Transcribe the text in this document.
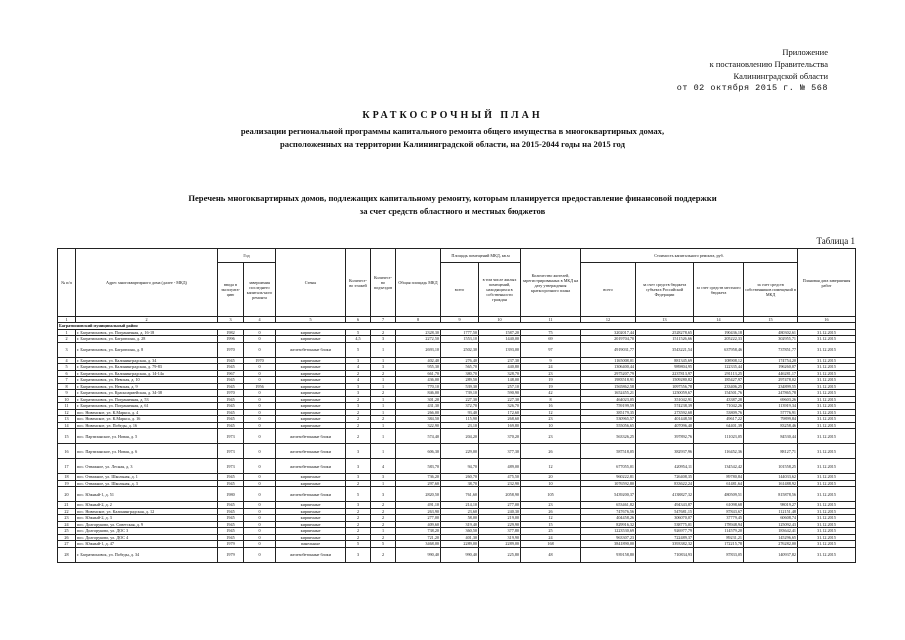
Приложение
к постановлению Правительства
Калининградской области
от 02 октября 2015 г. № 568
КРАТКОСРОЧНЫЙ ПЛАН
реализации региональной программы капитального ремонта общего имущества в многоквартирных домах,
расположенных на территории Калининградской области, на 2015-2044 годы на 2015 год
Перечень многоквартирных домов, подлежащих капитальному ремонту, которым планируется предоставление финансовой поддержки
за счет средств областного и местных бюджетов
Таблица 1
№ п/п	Адрес многоквартирного дома (далее - МКД)	Год		Стены	Количест-во этажей	Количест-во подъездов	Общая площадь МКД	Площадь помещений МКД, кв.м		Количество жителей, зарегистрированных в МКД на дату утверждения краткосрочного плана	Стоимость капитального ремонта, руб.				Плановая дата завершения работ
		ввода в эксплуата-цию	завершения последнего капиталь-ного ремонта					всего	в том числе жилых помещений, находящихся в собственности граждан		всего	за счет средств бюджета субъекта Российской Федерации	за счет средств местного бюджета	за счет средств собственников помещений в МКД	

1	2	3	4	5	6	7	8	9	10	11	12	13	14	15	16
Багратионовский муниципальный район															
1	г. Багратионовск, ул. Пограничная, д. 16-18	1982	0	кирпичные	5	2	2328,30	1777,50	1587,20	75	3202017,44	2528278,65	190436,18	480302,61	31.12.2015
2	г. Багратионовск, ул. Багратиона, д. 28	1996	0	кирпичные	4,5	3	2272,50	1553,10	1440,00	69	2019704,70	1511526,66	205222,33	302955,71	31.12.2015
3	г. Багратионовск, ул. Багратиона, д. 8	1970	0	железобетонные блоки	5	1	2693,10	2502,30	1393,00	97	4919031,77	3543221,54	637958,46	737851,77	31.12.2015
4	г. Багратионовск, ул. Калининградская, д. 34	1945	1970	кирпичные	3	1	402,40	276,40	237,30	9	1165008,01	881345,69	108908,12	174754,20	31.12.2015
5	г. Багратионовск, ул. Калининградская, д. 79-83	1945	0	кирпичные	4	3	955,30	565,70	440,80	24	1306400,44	989804,95	122335,44	196260,07	31.12.2015
6	г. Багратионовск, ул. Калининградская, д. 14-14а	1967	0	кирпичные	2	2	661,70	380,70	328,70	23	2975207,79	2237813,97	291113,25	446281,17	31.12.2015
7	г. Багратионовск, ул. Невская, д. 10	1945	0	кирпичные	4	1	436,00	289,50	148,00	19	1983518,91	1509280,82	185427,97	297478,02	31.12.2015
8	г. Багратионовск, ул. Невская, д. 9	1945	1956	кирпичные	3	1	770,10	539,30	257,10	19	1565862,58	1097556,78	233406,25	234899,55	31.12.2015
9	г. Багратионовск, ул. Красноармейская, д. 34-38	1970	0	кирпичные	3	2	846,00	739,10	590,90	42	1652455,21	1250059,67	154501,76	247865,78	31.12.2015
10	г. Багратионовск, ул. Пограничная, д. 53	1945	0	кирпичные	2	1	301,20	227,30	227,30	8	464023,05	351042,91	43387,28	69603,26	31.12.2015
11	г. Багратионовск, ул. Пограничная, д. 61	1945	0	кирпичные	3	1	431,30	372,70	326,70	16	759199,59	574238,39	71042,26	113919,34	31.12.2015
12	пос. Нивенское, ул. К.Маркса, д. 4	1945	0	кирпичные	2	1	266,00	93,40	172,60	12	385179,35	273592,68	53809,76	57776,91	31.12.2015
13	пос. Нивенское, ул. К.Маркса, д. 16	1945	0	кирпичные	2	2	384,50	115,90	268,60	23	530965,57	401448,50	49617,22	79899,84	31.12.2015
14	пос. Нивенское, ул. Победы, д. 16	1945	0	кирпичные	2	1	322,90	23,10	169,80	10	555056,65	407096,40	64401,39	83258,46	31.12.2015
15	пос. Партизанское, ул. Новая, д. 5	1973	0	железобетонные блоки	2	1	574,40	204,20	370,20	23	563326,25	397892,76	111023,05	84530,44	31.12.2015
16	пос. Партизанское, ул. Новая, д. 6	1973	0	железобетонные блоки	3	1	606,30	229,00	377,30	26	587518,05	382937,96	116452,36	88127,71	31.12.2015
17	пос. Отважное, ул. Лесная, д. 3	1973	0	железобетонные блоки	3	4	583,70	94,70	489,00	12	677055,01	420954,11	134542,42	101558,25	31.12.2015
18	пос. Отважное, ул. Школьная, д. 1	1945	0	кирпичные	3	3	736,20	260,70	475,50	20	960222,81	726408,35	89780,84	144033,62	31.12.2015
19	пос. Отважное, ул. Школьная, д. 3	1945	0	кирпичные	2	1	297,60	38,70	232,90	10	1076592,80	833622,24	61481,64	161488,92	31.12.2015
20	пос. Южный-1, д. 51	1980	0	железобетонные блоки	5	3	2820,50	761,60	2058,90	105	5439200,37	4138827,32	480509,51	815878,56	31.12.2015
21	пос. Южный-2, д. 2	1945	0	кирпичные	3	2	491,10	214,10	277,00	23	653461,82	494343,87	61098,68	98019,27	31.12.2015
22	пос. Нивенское, ул. Калининградская, д. 12	1945	0	кирпичные	2	2	263,90	23,60	240,30	26	747676,56	547681,15	87843,67	112151,48	31.12.2015
23	пос. Южный-2, д. 3	1945	0	кирпичные	2	2	277,00	58,00	219,00	12	404458,26	306070,07	37779,45	60608,74	31.12.2015
24	пос. Долгоруково, ул. Советская, д. 9	1945	0	кирпичные	2	2	409,60	319,40	229,90	15	829916,32	538775,01	178948,94	125092,43	31.12.2015
25	пос. Долгоруково, ул. ДОС 3	1945	0	кирпичные	2	1	738,20	360,50	377,80	25	1223530,69	926977,79	114579,20	183642,41	31.12.2015
26	пос. Долгоруково, ул. ДОС 4	1945	0	кирпичные	2	2	721,20	401,30	319,90	24	963307,23	722489,37	89231,21	145296,65	31.12.2015
27	пос. Южный-1, д. 47	1979	0	панельные	5	5	3468,00	2289,00	2289,00	168	3841890,00	3393382,32	172215,78	276282,00	31.12.2015
28	г. Багратионовск, ул. Победы, д. 34	1979	0	железобетонные блоки	3	2	990,40	990,40	225,80	48	939158,80	710834,93	87833,05	140937,82	31.12.2015
